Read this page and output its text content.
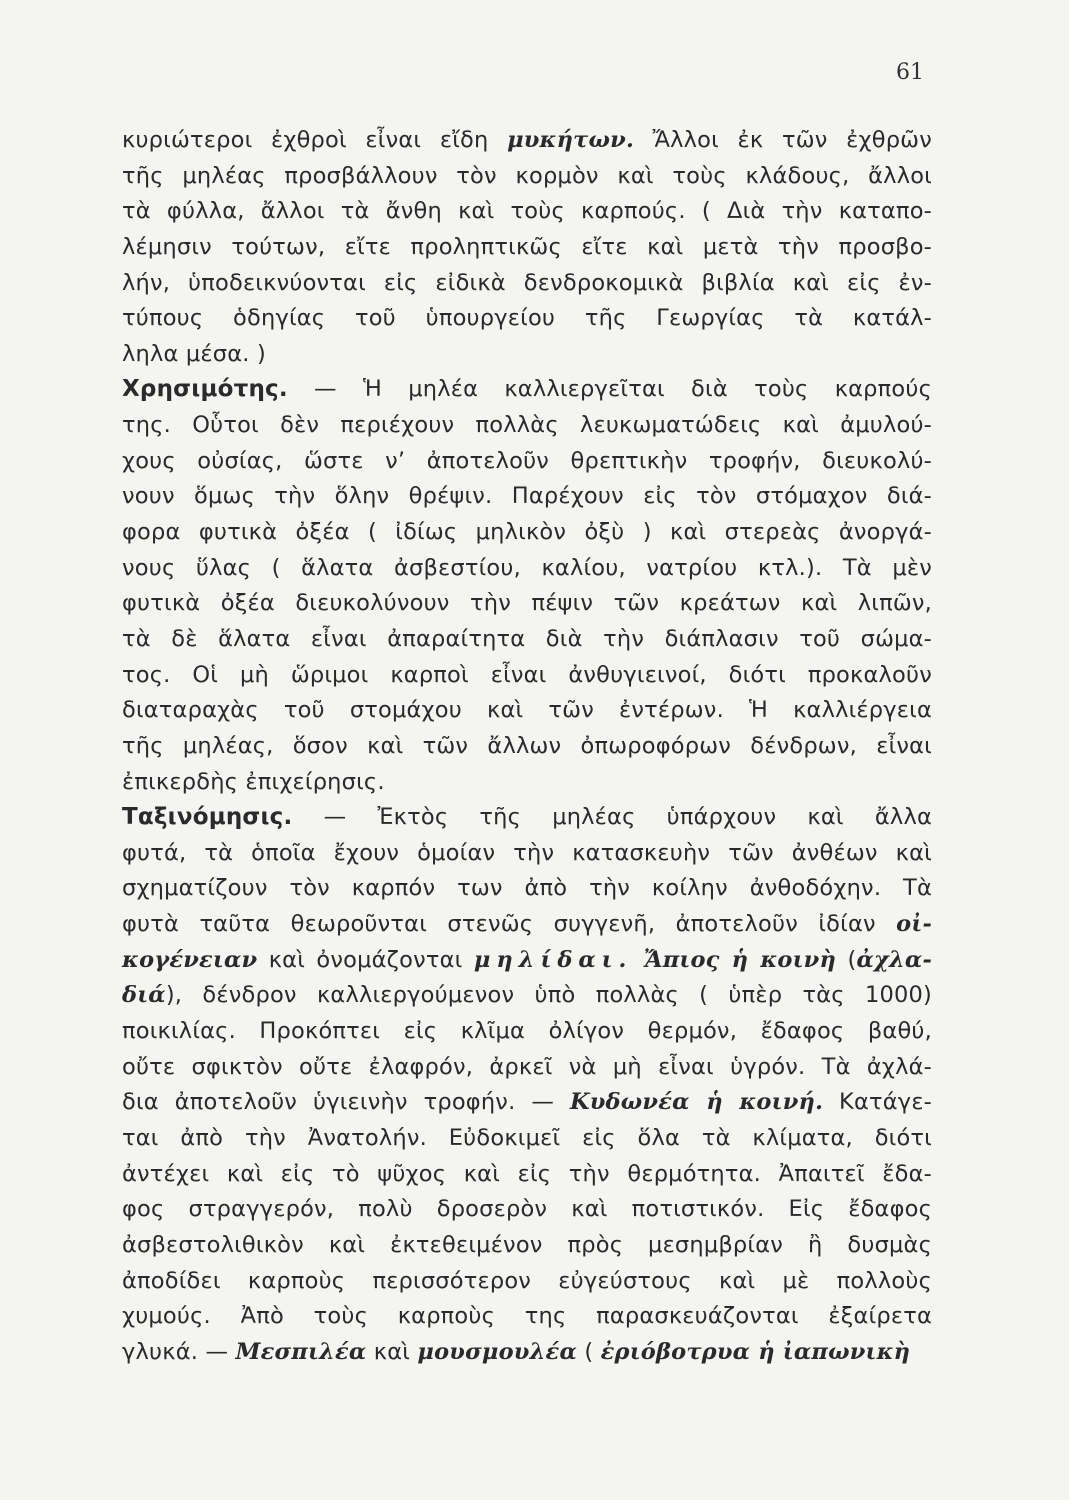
61
κυριώτεροι ἐχθροὶ εἶναι εἴδη μυκήτων. Ἄλλοι ἐκ τῶν ἐχθρῶν
τῆς μηλέας προσβάλλουν τὸν κορμὸν καὶ τοὺς κλάδους, ἄλλοι
τὰ φύλλα, ἄλλοι τὰ ἄνθη καὶ τοὺς καρπούς. ( Διὰ τὴν καταπο-
λέμησιν τούτων, εἴτε προληπτικῶς εἴτε καὶ μετὰ τὴν προσβο-
λήν, ὑποδεικνύονται εἰς εἰδικὰ δενδροκομικὰ βιβλία καὶ εἰς ἐν-
τύπους ὁδηγίας τοῦ ὑπουργείου τῆς Γεωργίας τὰ κατάλ-
ληλα μέσα. )
Χρησιμότης. — Ἡ μηλέα καλλιεργεῖται διὰ τοὺς καρπούς
της. Οὗτοι δὲν περιέχουν πολλὰς λευκωματώδεις καὶ ἀμυλού-
χους οὐσίας, ὥστε ν’ ἀποτελοῦν θρεπτικὴν τροφήν, διευκολύ-
νουν ὅμως τὴν ὅλην θρέψιν. Παρέχουν εἰς τὸν στόμαχον διά-
φορα φυτικὰ ὀξέα ( ἰδίως μηλικὸν ὀξὺ ) καὶ στερεὰς ἀνοργά-
νους ὕλας ( ἅλατα ἀσβεστίου, καλίου, νατρίου κτλ.). Τὰ μὲν
φυτικὰ ὀξέα διευκολύνουν τὴν πέψιν τῶν κρεάτων καὶ λιπῶν,
τὰ δὲ ἅλατα εἶναι ἀπαραίτητα διὰ τὴν διάπλασιν τοῦ σώμα-
τος. Οἱ μὴ ὥριμοι καρποὶ εἶναι ἀνθυγιεινοί, διότι προκαλοῦν
διαταραχὰς τοῦ στομάχου καὶ τῶν ἐντέρων. Ἡ καλλιέργεια
τῆς μηλέας, ὅσον καὶ τῶν ἄλλων ὀπωροφόρων δένδρων, εἶναι
ἐπικερδὴς ἐπιχείρησις.
Ταξινόμησις. — Ἐκτὸς τῆς μηλέας ὑπάρχουν καὶ ἄλλα
φυτά, τὰ ὁποῖα ἔχουν ὁμοίαν τὴν κατασκευὴν τῶν ἀνθέων καὶ
σχηματίζουν τὸν καρπόν των ἀπὸ τὴν κοίλην ἀνθοδόχην. Τὰ
φυτὰ ταῦτα θεωροῦνται στενῶς συγγενῆ, ἀποτελοῦν ἰδίαν οἰ-
κογένειαν καὶ ὀνομάζονται μηλίδαι. Ἄπιος ἡ κοινὴ (ἀχλα-
διά), δένδρον καλλιεργούμενον ὑπὸ πολλὰς ( ὑπὲρ τὰς 1000)
ποικιλίας. Προκόπτει εἰς κλῖμα ὀλίγον θερμόν, ἔδαφος βαθύ,
οὔτε σφικτὸν οὔτε ἐλαφρόν, ἀρκεῖ νὰ μὴ εἶναι ὑγρόν. Τὰ ἀχλά-
δια ἀποτελοῦν ὑγιεινὴν τροφήν. — Κυδωνέα ἡ κοινή. Κατάγε-
ται ἀπὸ τὴν Ἀνατολήν. Εὐδοκιμεῖ εἰς ὅλα τὰ κλίματα, διότι
ἀντέχει καὶ εἰς τὸ ψῦχος καὶ εἰς τὴν θερμότητα. Ἀπαιτεῖ ἔδα-
φος στραγγερόν, πολὺ δροσερὸν καὶ ποτιστικόν. Εἰς ἔδαφος
ἀσβεστολιθικὸν καὶ ἐκτεθειμένον πρὸς μεσημβρίαν ἢ δυσμὰς
ἀποδίδει καρποὺς περισσότερον εὐγεύστους καὶ μὲ πολλοὺς
χυμούς. Ἀπὸ τοὺς καρποὺς της παρασκευάζονται ἐξαίρετα
γλυκά. — Μεσπιλέα καὶ μουσμουλέα ( ἐριόβοτρυα ἡ ἰαπωνικὴ
